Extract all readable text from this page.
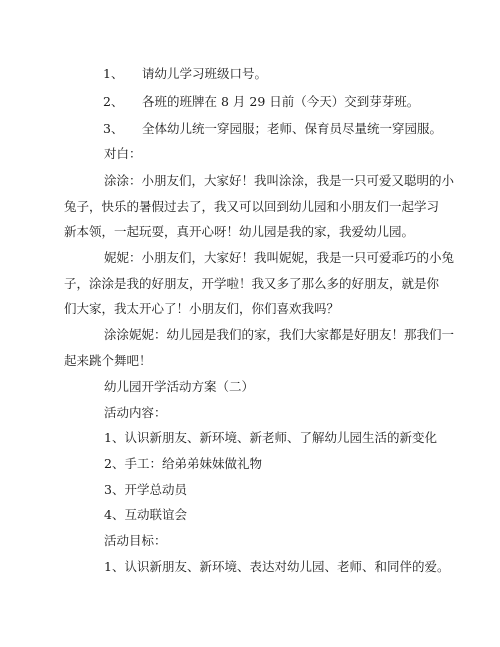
1、 请幼儿学习班级口号。
2、 各班的班牌在 8 月 29 日前（今天）交到芽芽班。
3、 全体幼儿统一穿园服；老师、保育员尽量统一穿园服。
对白：
涂涂：小朋友们，大家好！我叫涂涂，我是一只可爱又聪明的小
兔子，快乐的暑假过去了，我又可以回到幼儿园和小朋友们一起学习
新本领，一起玩耍，真开心呀！幼儿园是我的家，我爱幼儿园。
妮妮：小朋友们，大家好！我叫妮妮，我是一只可爱乖巧的小兔
子，涂涂是我的好朋友，开学啦！我又多了那么多的好朋友，就是你
们大家，我太开心了！小朋友们，你们喜欢我吗？
涂涂妮妮：幼儿园是我们的家，我们大家都是好朋友！那我们一
起来跳个舞吧！
幼儿园开学活动方案（二）
活动内容：
1、认识新朋友、新环境、新老师、了解幼儿园生活的新变化
2、手工：给弟弟妹妹做礼物
3、开学总动员
4、互动联谊会
活动目标：
1、认识新朋友、新环境、表达对幼儿园、老师、和同伴的爱。
